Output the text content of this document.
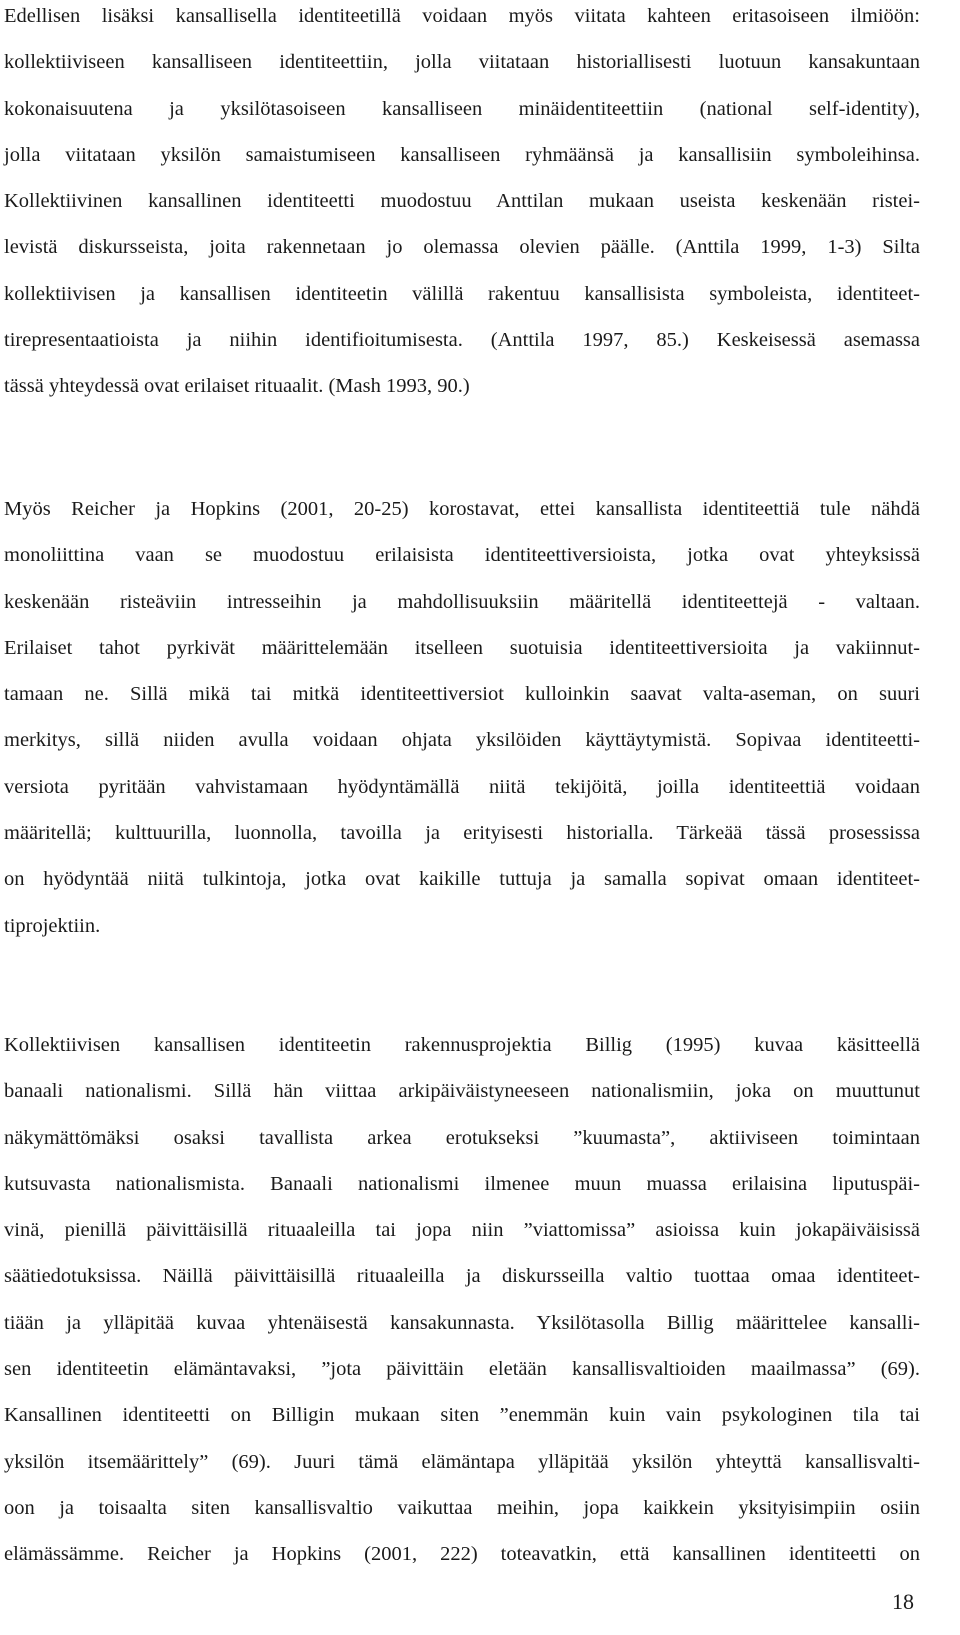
Edellisen lisäksi kansallisella identiteetillä voidaan myös viitata kahteen eritasoiseen ilmiöön:
kollektiiviseen kansalliseen identiteettiin, jolla viitataan historiallisesti luotuun kansakuntaan
kokonaisuutena ja yksilötasoiseen kansalliseen minäidentiteettiin (national self-identity),
jolla viitataan yksilön samaistumiseen kansalliseen ryhmäänsä ja kansallisiin symboleihinsa.
Kollektiivinen kansallinen identiteetti muodostuu Anttilan mukaan useista keskenään ristei-
levistä diskursseista, joita rakennetaan jo olemassa olevien päälle. (Anttila 1999, 1-3) Silta
kollektiivisen ja kansallisen identiteetin välillä rakentuu kansallisista symboleista, identiteet-
tirepresentaatioista ja niihin identifioitumisesta. (Anttila 1997, 85.) Keskeisessä asemassa
tässä yhteydessä ovat erilaiset rituaalit. (Mash 1993, 90.)
Myös Reicher ja Hopkins (2001, 20-25) korostavat, ettei kansallista identiteettiä tule nähdä
monoliittina vaan se muodostuu erilaisista identiteettiversioista, jotka ovat yhteyksissä
keskenään risteäviin intresseihin ja mahdollisuuksiin määritellä identiteettejä - valtaan.
Erilaiset tahot pyrkivät määrittelemään itselleen suotuisia identiteettiversioita ja vakiinnut-
tamaan ne. Sillä mikä tai mitkä identiteettiversiot kulloinkin saavat valta-aseman, on suuri
merkitys, sillä niiden avulla voidaan ohjata yksilöiden käyttäytymistä. Sopivaa identiteetti-
versiota pyritään vahvistamaan hyödyntämällä niitä tekijöitä, joilla identiteettiä voidaan
määritellä; kulttuurilla, luonnolla, tavoilla ja erityisesti historialla. Tärkeää tässä prosessissa
on hyödyntää niitä tulkintoja, jotka ovat kaikille tuttuja ja samalla sopivat omaan identiteet-
tiprojektiin.
Kollektiivisen kansallisen identiteetin rakennusprojektia Billig (1995) kuvaa käsitteellä
banaali nationalismi. Sillä hän viittaa arkipäiväistyneeseen nationalismiin, joka on muuttunut
näkymättömäksi osaksi tavallista arkea erotukseksi ”kuumasta”, aktiiviseen toimintaan
kutsuvasta nationalismista. Banaali nationalismi ilmenee muun muassa erilaisina liputuspäi-
vinä, pienillä päivittäisillä rituaaleilla tai jopa niin ”viattomissa” asioissa kuin jokapäiväisissä
säätiedotuksissa. Näillä päivittäisillä rituaaleilla ja diskursseilla valtio tuottaa omaa identiteet-
tiään ja ylläpitää kuvaa yhtenäisestä kansakunnasta. Yksilötasolla Billig määrittelee kansalli-
sen identiteetin elämäntavaksi, ”jota päivittäin eletään kansallisvaltioiden maailmassa” (69).
Kansallinen identiteetti on Billigin mukaan siten ”enemmän kuin vain psykologinen tila tai
yksilön itsemäärittely” (69). Juuri tämä elämäntapa ylläpitää yksilön yhteyttä kansallisvalti-
oon ja toisaalta siten kansallisvaltio vaikuttaa meihin, jopa kaikkein yksityisimpiin osiin
elämässämme. Reicher ja Hopkins (2001, 222) toteavatkin, että kansallinen identiteetti on
18
